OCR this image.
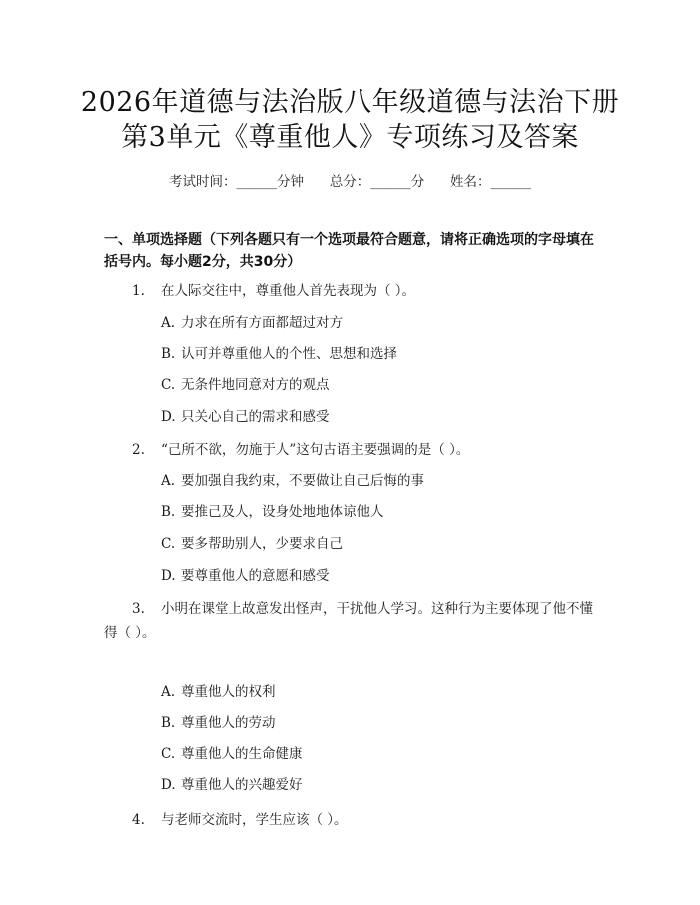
2026年道德与法治版八年级道德与法治下册
第3单元《尊重他人》专项练习及答案
考试时间：______分钟      总分：______分      姓名：______
一、单项选择题（下列各题只有一个选项最符合题意，请将正确选项的字母填在括号内。每小题2分，共30分）
1. 在人际交往中，尊重他人首先表现为（ ）。
A. 力求在所有方面都超过对方
B. 认可并尊重他人的个性、思想和选择
C. 无条件地同意对方的观点
D. 只关心自己的需求和感受
2. “己所不欲，勿施于人”这句古语主要强调的是（ ）。
A. 要加强自我约束，不要做让自己后悔的事
B. 要推己及人，设身处地地体谅他人
C. 要多帮助别人，少要求自己
D. 要尊重他人的意愿和感受
3. 小明在课堂上故意发出怪声，干扰他人学习。这种行为主要体现了他不懂
得（ ）。
A. 尊重他人的权利
B. 尊重他人的劳动
C. 尊重他人的生命健康
D. 尊重他人的兴趣爱好
4. 与老师交流时，学生应该（ ）。
